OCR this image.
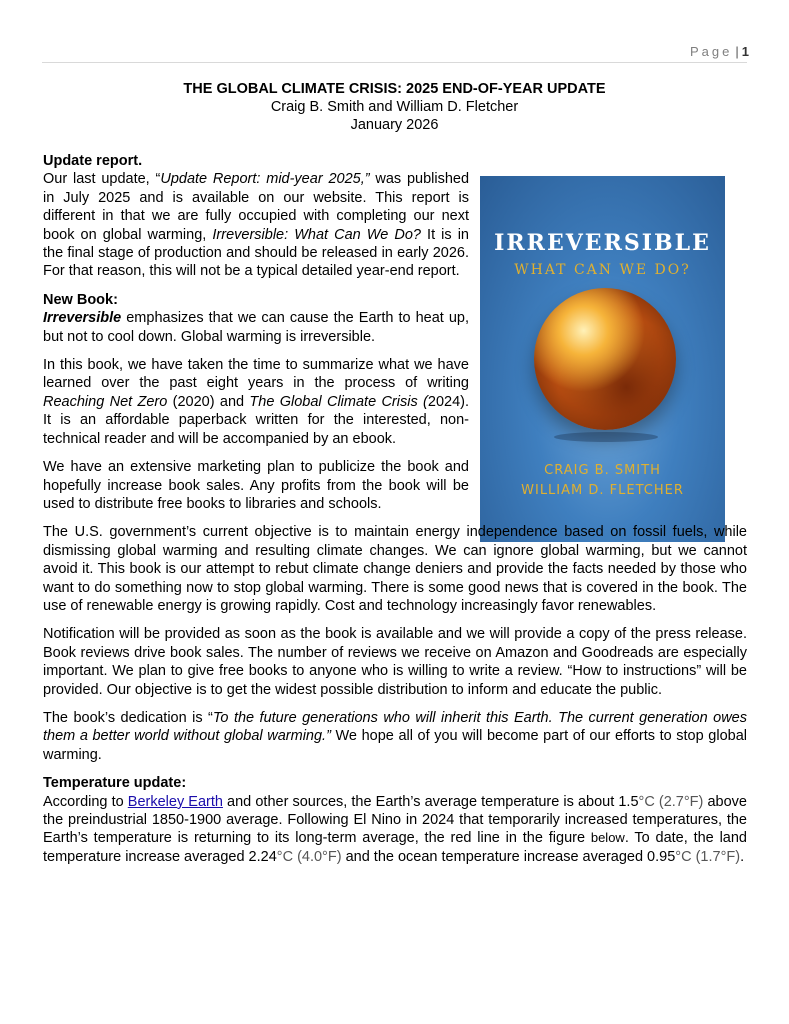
Page | 1
THE GLOBAL CLIMATE CRISIS: 2025 END-OF-YEAR UPDATE
Craig B. Smith and William D. Fletcher
January 2026
IRREVERSIBLE
WHAT CAN WE DO?
CRAIG B. SMITH
WILLIAM D. FLETCHER
Update report.

Our last update, “Update Report: mid-year 2025,” was published in July 2025 and is available on our website. This report is different in that we are fully occupied with completing our next book on global warming, Irreversible: What Can We Do? It is in the final stage of production and should be released in early 2026. For that reason, this will not be a typical detailed year-end report.

New Book:

Irreversible emphasizes that we can cause the Earth to heat up, but not to cool down. Global warming is irreversible.

In this book, we have taken the time to summarize what we have learned over the past eight years in the process of writing Reaching Net Zero (2020) and The Global Climate Crisis (2024). It is an affordable paperback written for the interested, non-technical reader and will be accompanied by an ebook.

We have an extensive marketing plan to publicize the book and hopefully increase book sales. Any profits from the book will be used to distribute free books to libraries and schools.

The U.S. government’s current objective is to maintain energy independence based on fossil fuels, while dismissing global warming and resulting climate changes. We can ignore global warming, but we cannot avoid it. This book is our attempt to rebut climate change deniers and provide the facts needed by those who want to do something now to stop global warming. There is some good news that is covered in the book. The use of renewable energy is growing rapidly. Cost and technology increasingly favor renewables.

Notification will be provided as soon as the book is available and we will provide a copy of the press release. Book reviews drive book sales. The number of reviews we receive on Amazon and Goodreads are especially important. We plan to give free books to anyone who is willing to write a review. “How to instructions” will be provided. Our objective is to get the widest possible distribution to inform and educate the public.

The book’s dedication is “To the future generations who will inherit this Earth. The current generation owes them a better world without global warming.” We hope all of you will become part of our efforts to stop global warming.

Temperature update:

According to Berkeley Earth and other sources, the Earth’s average temperature is about 1.5°C (2.7°F) above the preindustrial 1850-1900 average. Following El Nino in 2024 that temporarily increased temperatures, the Earth’s temperature is returning to its long-term average, the red line in the figure below. To date, the land temperature increase averaged 2.24°C (4.0°F) and the ocean temperature increase averaged 0.95°C (1.7°F).
